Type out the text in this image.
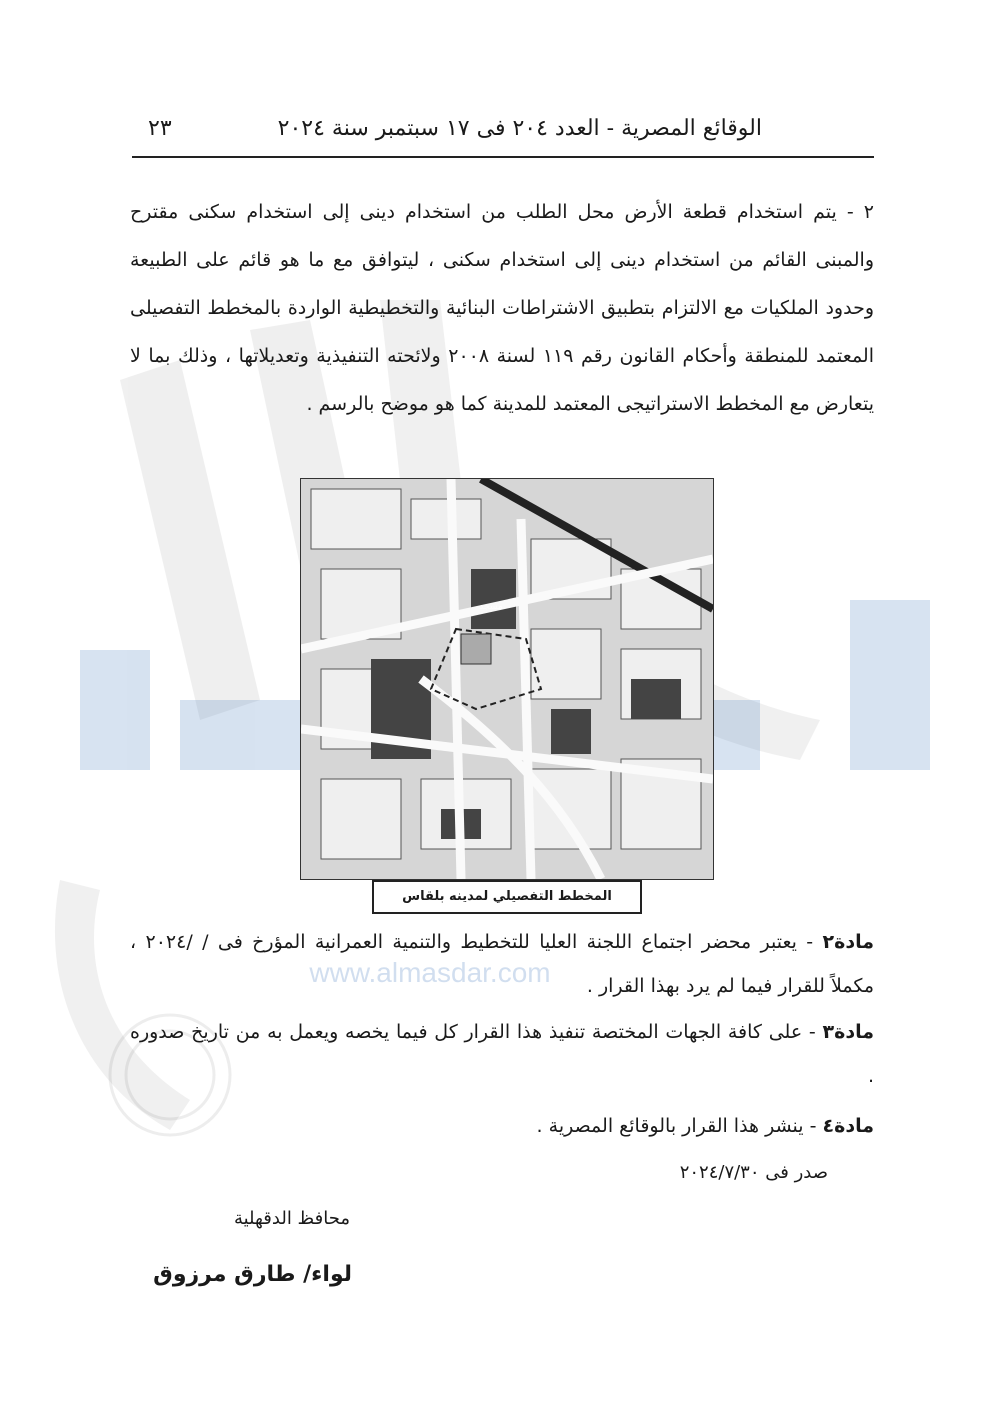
www.almasdar.com
الوقائع المصرية - العدد ٢٠٤ فى ١٧ سبتمبر سنة ٢٠٢٤
٢٣

٢ - يتم استخدام قطعة الأرض محل الطلب من استخدام دينى إلى استخدام سكنى مقترح والمبنى القائم من استخدام دينى إلى استخدام سكنى ، ليتوافق مع ما هو قائم على الطبيعة وحدود الملكيات مع الالتزام بتطبيق الاشتراطات البنائية والتخطيطية الواردة بالمخطط التفصيلى المعتمد للمنطقة وأحكام القانون رقم ١١٩ لسنة ٢٠٠٨ ولائحته التنفيذية وتعديلاتها ، وذلك بما لا يتعارض مع المخطط الاستراتيجى المعتمد للمدينة كما هو موضح بالرسم .

مسجد
المخطط التفصيلي لمدينه بلقاس

مادة٢ - يعتبر محضر اجتماع اللجنة العليا للتخطيط والتنمية العمرانية المؤرخ فى / /٢٠٢٤ ، مكملاً للقرار فيما لم يرد بهذا القرار .

مادة٣ - على كافة الجهات المختصة تنفيذ هذا القرار كل فيما يخصه ويعمل به من تاريخ صدوره .

مادة٤ - ينشر هذا القرار بالوقائع المصرية .

صدر فى ٢٠٢٤/٧/٣٠
محافظ الدقهلية
لواء/ طارق مرزوق
